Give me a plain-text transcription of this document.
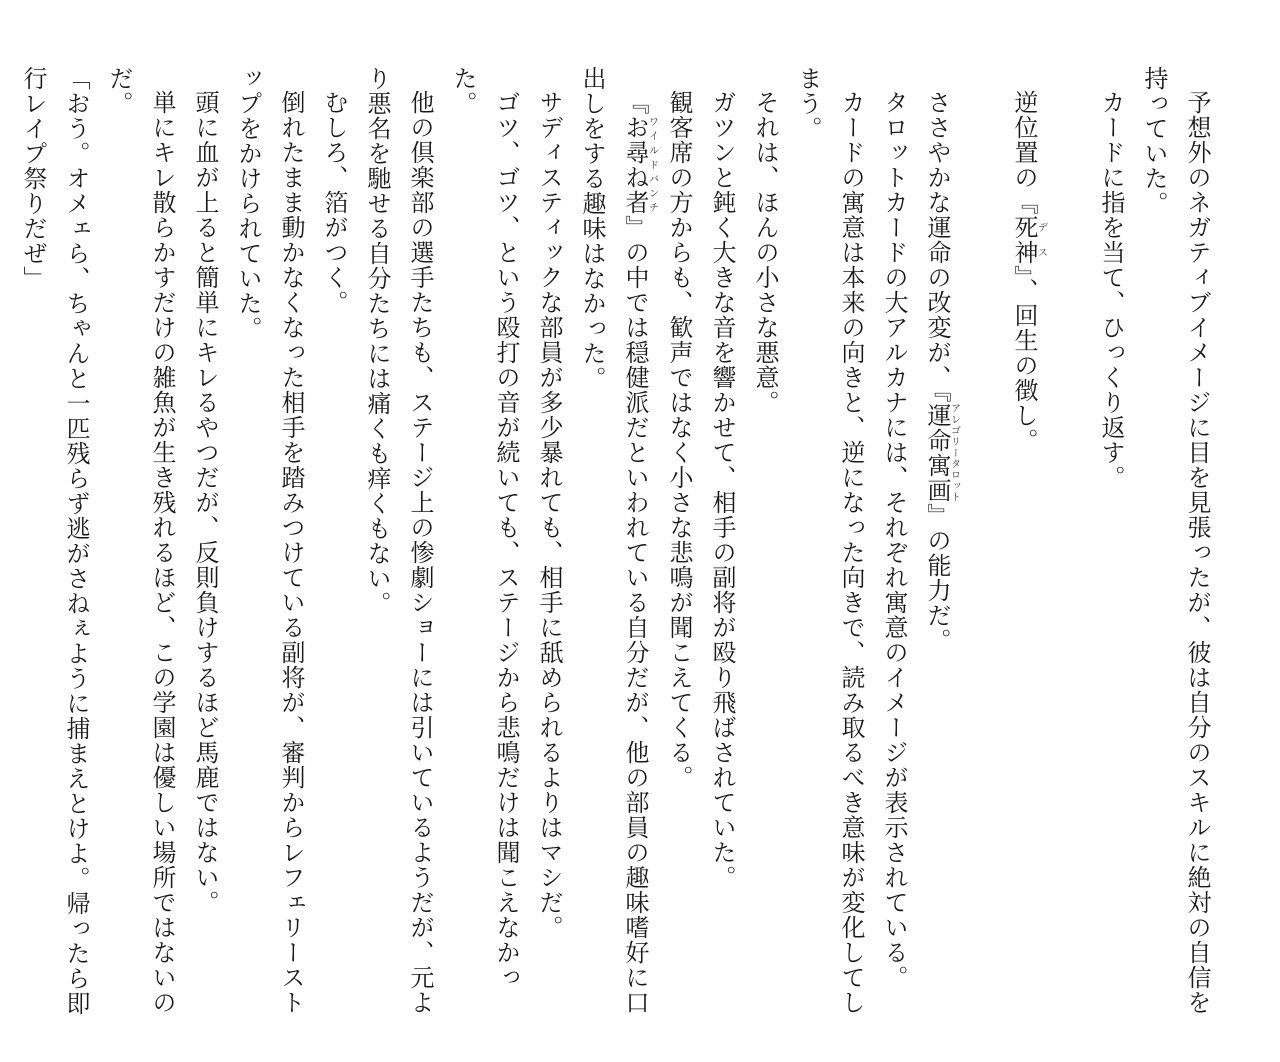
予想外のネガティブイメージに目を見張ったが、彼は自分のスキルに絶対の自信を持っていた。

カードに指を当て、ひっくり返す。

逆位置の『死神デス』、回生の徴し。

ささやかな運命の改変が、『運命寓画アレゴリータロット』の能力だ。

タロットカードの大アルカナには、それぞれ寓意のイメージが表示されている。

カードの寓意は本来の向きと、逆になった向きで、読み取るべき意味が変化してしまう。

それは、ほんの小さな悪意。

ガツンと鈍く大きな音を響かせて、相手の副将が殴り飛ばされていた。

観客席の方からも、歓声ではなく小さな悲鳴が聞こえてくる。

『お尋ね者ワイルドバンチ』の中では穏健派だといわれている自分だが、他の部員の趣味嗜好に口出しをする趣味はなかった。

サディスティックな部員が多少暴れても、相手に舐められるよりはマシだ。

ゴツ、ゴツ、という殴打の音が続いても、ステージから悲鳴だけは聞こえなかった。

他の倶楽部の選手たちも、ステージ上の惨劇ショーには引いているようだが、元より悪名を馳せる自分たちには痛くも痒くもない。

むしろ、箔がつく。

倒れたまま動かなくなった相手を踏みつけている副将が、審判からレフェリーストップをかけられていた。

頭に血が上ると簡単にキレるやつだが、反則負けするほど馬鹿ではない。

単にキレ散らかすだけの雑魚が生き残れるほど、この学園は優しい場所ではないのだ。

「おう。オメェら、ちゃんと一匹残らず逃がさねぇように捕まえとけよ。帰ったら即行レイプ祭りだぜ」
